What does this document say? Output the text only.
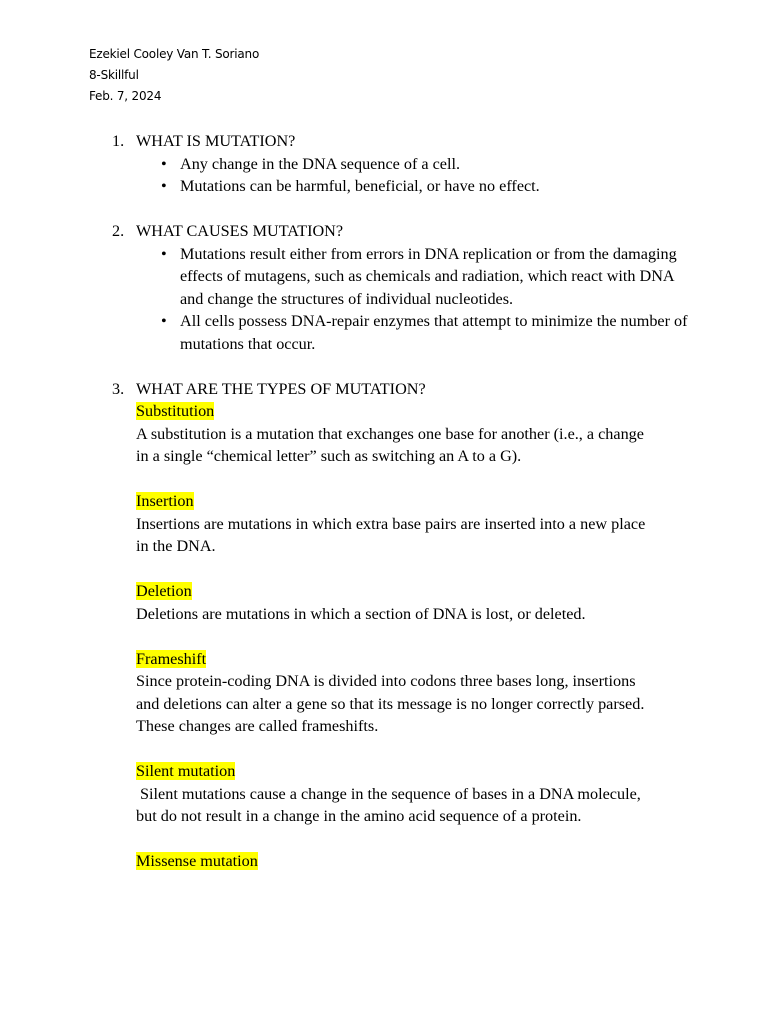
Ezekiel Cooley Van T. Soriano
8-Skillful
Feb. 7, 2024
1. WHAT IS MUTATION?
• Any change in the DNA sequence of a cell.
• Mutations can be harmful, beneficial, or have no effect.
2. WHAT CAUSES MUTATION?
• Mutations result either from errors in DNA replication or from the damaging effects of mutagens, such as chemicals and radiation, which react with DNA and change the structures of individual nucleotides.
• All cells possess DNA-repair enzymes that attempt to minimize the number of mutations that occur.
3. WHAT ARE THE TYPES OF MUTATION?
Substitution
A substitution is a mutation that exchanges one base for another (i.e., a change in a single “chemical letter” such as switching an A to a G).
Insertion
Insertions are mutations in which extra base pairs are inserted into a new place in the DNA.
Deletion
Deletions are mutations in which a section of DNA is lost, or deleted.
Frameshift
Since protein-coding DNA is divided into codons three bases long, insertions and deletions can alter a gene so that its message is no longer correctly parsed. These changes are called frameshifts.
Silent mutation
Silent mutations cause a change in the sequence of bases in a DNA molecule, but do not result in a change in the amino acid sequence of a protein.
Missense mutation
